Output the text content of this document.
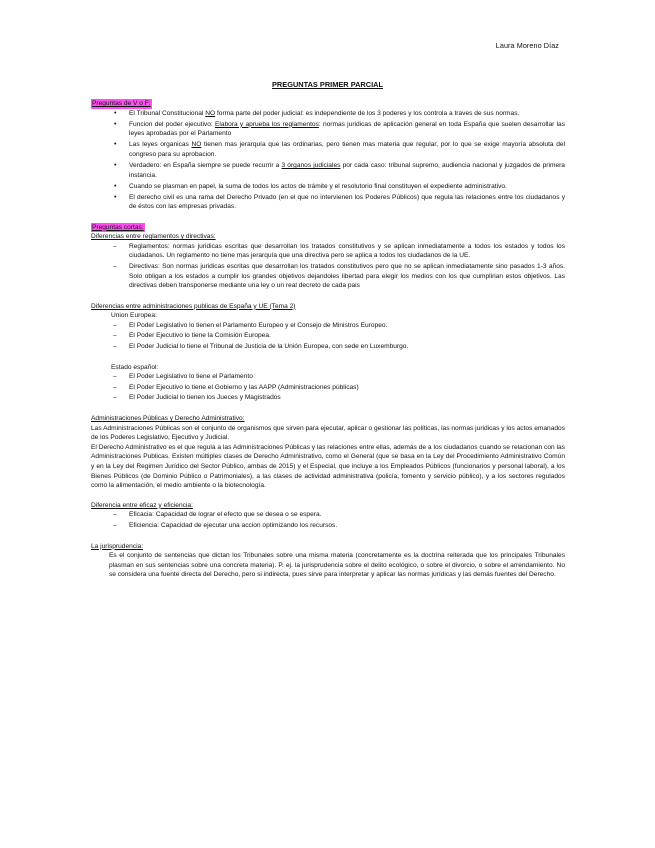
Laura Moreno Díaz
PREGUNTAS PRIMER PARCIAL
Preguntas de V o F:
• El Tribunal Constitucional NO forma parte del poder judicial: es independiente de los 3 poderes y los controla a traves de sus normas.
• Funcion del poder ejecutivo: Elabora y aprueba los reglamentos: normas juridicas de aplicación general en toda España que suelen desarrollar las leyes aprobadas por el Parlamento
• Las leyes organicas NO tienen mas jerarquía que las ordinarias, pero tienen mas materia que regular, por lo que se exige mayoría absoluta del congreso para su aprobacion.
• Verdadero: en España siempre se puede recurrir a 3 órganos judiciales por cada caso: tribunal supremo, audiencia nacional y juzgados de primera instancia.
• Cuando se plasman en papel, la suma de todos los actos de trámite y el resolutorio final constituyen el expediente administrativo.
• El derecho civil es una rama del Derecho Privado (en el que no intervienen los Poderes Públicos) que regula las relaciones entre los ciudadanos y de éstos con las empresas privadas.
Preguntas cortas:
Diferencias entre reglamentos y directivas:
– Reglamentos: normas juridicas escritas que desarrollan los tratados constitutivos y se aplican inmediatamente a todos los estados y todos los ciudadanos. Un reglamento no tiene mas jerarquía que una directiva pero se aplica a todos los ciudadanos de la UE.
– Directivas: Son normas juridicas escritas que desarrollan los tratados constitutivos pero que no se aplican inmediatamente sino pasados 1-3 años. Solo obligan a los estados a cumplir los grandes objetivos dejandoles libertad para elegir los medios con los que cumplirian estos objetivos. Las directivas deben transponerse mediante una ley o un real decreto de cada pais
Diferencias entre administraciones publicas de España y UE (Tema 2)
Union Europea:
– El Poder Legislativo lo tienen el Parlamento Europeo y el Consejo de Ministros Europeo.
– El Poder Ejecutivo lo tiene la Comisión Europea.
– El Poder Judicial lo tiene el Tribunal de Justicia de la Unión Europea, con sede en Luxemburgo.
Estado español:
– El Poder Legislativo lo tiene el Parlamento
– El Poder Ejecutivo lo tiene el Gobierno y las AAPP (Administraciones públicas)
– El Poder Judicial lo tienen los Jueces y Magistrados
Administraciones Públicas y Derecho Administrativo:
Las Administraciones Públicas son el conjunto de organismos que sirven para ejecutar, aplicar o gestionar las políticas, las normas juridicas y los actos emanados de los Poderes Legislativo, Ejecutivo y Judicial.
El Derecho Administrativo es el que regula a las Administraciones Públicas y las relaciones entre ellas, además de a los ciudadanos cuando se relacionan con las Administraciones Publicas. Existen múltiples clases de Derecho Administrativo, como el General (que se basa en la Ley del Procedimiento Administrativo Común y en la Ley del Regimen Jurídico del Sector Público, ambas de 2015) y el Especial, que incluye a los Empleados Públicos (funcionarios y personal laboral), a los Bienes Públicos (de Dominio Público o Patrimoniales), a las clases de actividad administrativa (policía, fomento y servicio público), y a los sectores regulados como la alimentación, el medio ambiente o la biotecnología.
Diferencia entre eficaz y eficiencia:
– Eficacia: Capacidad de lograr el efecto que se desea o se espera.
– Eficiencia: Capacidad de ejecutar una accion optimizando los recursos.
La jurisprudencia:
Es el conjunto de sentencias que dictan los Tribunales sobre una misma materia (concretamente es la doctrina reiterada que los principales Tribunales plasman en sus sentencias sobre una concreta materia). P. ej. la jurisprudencia sobre el delito ecológico, o sobre el divorcio, o sobre el arrendamiento. No se considera una fuente directa del Derecho, pero si indirecta, pues sirve para interpretar y aplicar las normas jurídicas y las demás fuentes del Derecho.
